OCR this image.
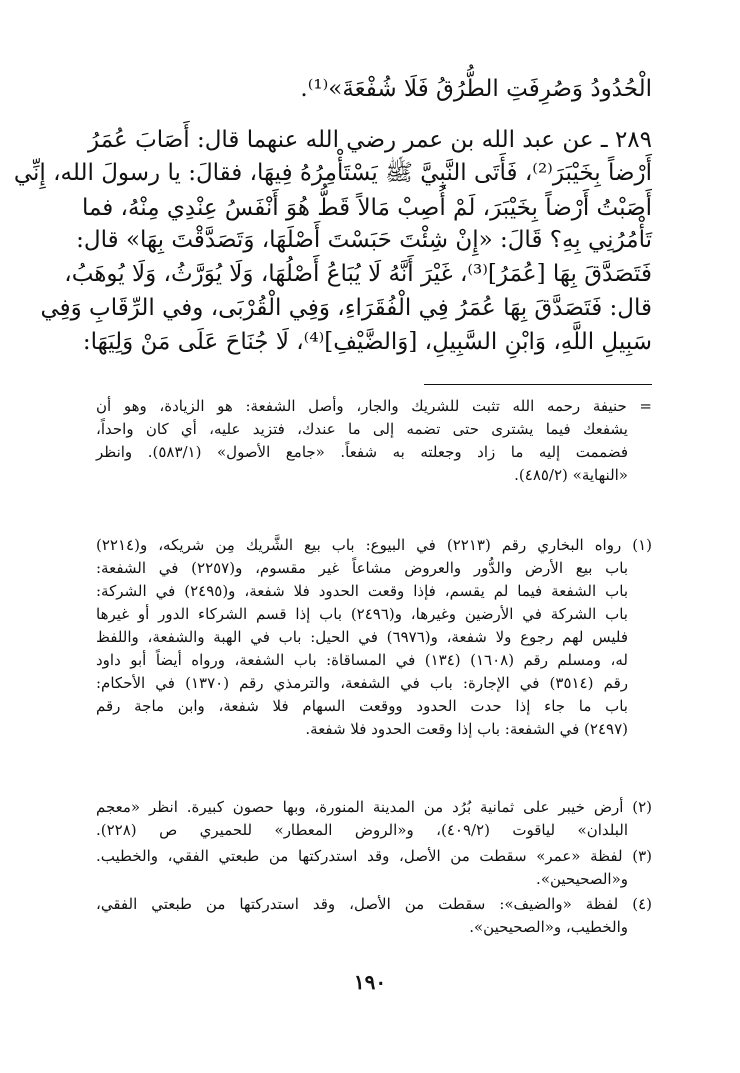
الْحُدُودُ وَصُرِفَتِ الطُّرُقُ فَلَا شُفْعَةَ»⁽¹⁾.
٢٨٩ ـ عن عبد الله بن عمر رضي الله عنهما قال: أَصَابَ عُمَرُ
أَرْضاً بِخَيْبَرَ⁽²⁾، فَأَتَى النَّبِيَّ ﷺ يَسْتَأْمِرُهُ فِيهَا، فقالَ: يا رسولَ الله، إِنِّي
أَصَبْتُ أَرْضاً بِخَيْبَرَ، لَمْ أُصِبْ مَالاً قَطُّ هُوَ أَنْفَسُ عِنْدِي مِنْهُ، فما
تَأْمُرُنِي بِهِ؟ قَالَ: «إِنْ شِئْتَ حَبَسْتَ أَصْلَهَا، وَتَصَدَّقْتَ بِهَا» قال:
فَتَصَدَّقَ بِهَا [عُمَرُ]⁽³⁾، غَيْرَ أَنَّهُ لَا يُبَاعُ أَصْلُهَا، وَلَا يُوَرَّثُ، وَلَا يُوهَبُ،
قال: فَتَصَدَّقَ بِهَا عُمَرُ فِي الْفُقَرَاءِ، وَفِي الْقُرْبَى، وفي الرِّقَابِ وَفِي
سَبِيلِ اللَّهِ، وَابْنِ السَّبِيلِ، [وَالضَّيْفِ]⁽⁴⁾، لَا جُنَاحَ عَلَى مَنْ وَلِيَهَا:
= حنيفة رحمه الله تثبت للشريك والجار، وأصل الشفعة: هو الزيادة، وهو أن
يشفعك فيما يشترى حتى تضمه إلى ما عندك، فتزيد عليه، أي كان واحداً،
فضممت إليه ما زاد وجعلته به شفعاً. «جامع الأصول» (٥٨٣/١). وانظر
«النهاية» (٤٨٥/٢).
(١) رواه البخاري رقم (٢٢١٣) في البيوع: باب بيع الشَّريك مِن شريكه، و(٢٢١٤)
باب بيع الأرض والدُّور والعروض مشاعاً غير مقسوم، و(٢٢٥٧) في الشفعة:
باب الشفعة فيما لم يقسم، فإذا وقعت الحدود فلا شفعة، و(٢٤٩٥) في الشركة:
باب الشركة في الأرضين وغيرها، و(٢٤٩٦) باب إذا قسم الشركاء الدور أو غيرها
فليس لهم رجوع ولا شفعة، و(٦٩٧٦) في الحيل: باب في الهبة والشفعة، واللفظ
له، ومسلم رقم (١٦٠٨) (١٣٤) في المساقاة: باب الشفعة، ورواه أيضاً أبو داود
رقم (٣٥١٤) في الإجارة: باب في الشفعة، والترمذي رقم (١٣٧٠) في الأحكام:
باب ما جاء إذا حدت الحدود ووقعت السهام فلا شفعة، وابن ماجة رقم
(٢٤٩٧) في الشفعة: باب إذا وقعت الحدود فلا شفعة.
(٢) أرض خيبر على ثمانية بُرُد من المدينة المنورة، وبها حصون كبيرة. انظر «معجم
البلدان» لياقوت (٤٠٩/٢)، و«الروض المعطار» للحميري ص (٢٢٨).
(٣) لفظة «عمر» سقطت من الأصل، وقد استدركتها من طبعتي الفقي، والخطيب.
و«الصحيحين».
(٤) لفظة «والضيف»: سقطت من الأصل، وقد استدركتها من طبعتي الفقي،
والخطيب، و«الصحيحين».
١٩٠
